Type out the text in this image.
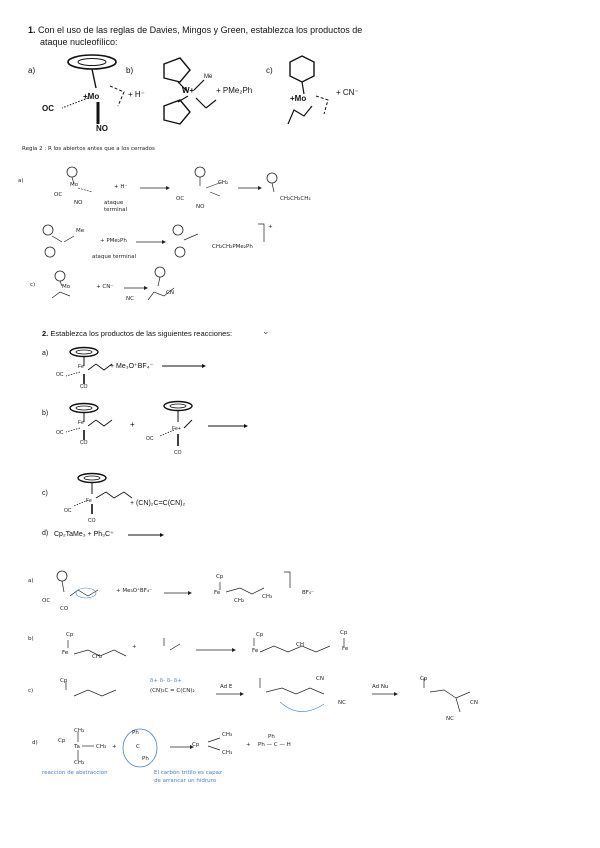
1. Con el uso de las reglas de Davies, Mingos y Green, establezca los productos de
ataque nucleofílico:
a)	b)	c)
+Mo
OC
NO
+ H⁻	W+
Me
+ PMe₂Ph
+Mo
+ CN⁻
Regla 2 : R los abiertos antes que a los cerrados
a)
Mo
OC
NO
+ H⁻
ataque
terminal
OC
NO
CH₂
CH₂CH₂CH₃
Me
+ PMe₂Ph
ataque terminal
CH₂CH₂PMe₂Ph
⁺
c)	Mo	+ CN⁻
NC
CN
2. Establezca los productos de las siguientes reacciones:
a)
Fe
OC
CO
+ Me₃O⁺BF₄⁻
b)
Fe
OC
CO
+	Fe+
OC
CO
c)
Fe
OC
CO
+ (CN)₂C=C(CN)₂
d) Cp₂TaMe₃ + Ph₃C⁺
⌄
a)
OC
CO
+ Me₃O⁺BF₄⁻
Cp
Fe
CH₂
CH₃
BF₄⁻
b)
Cp
Fe
CH₂
+
Cp
Fe
CH
Cp
Fe
c)
Cp	δ+ δ- δ- δ+
(CN)₂C = C(CN)₂
Ad E
CN
NC
Ad Nu
Cp
CN
NC
d)
CH₃
Ta
Cp
CH₃
CH₃
+
Ph
C
Ph
Cp
CH₃
CH₃
+
Ph
Ph — C — H
reacción de abstracción	El carbón tritilo es capaz
de arrancar un hidruro
